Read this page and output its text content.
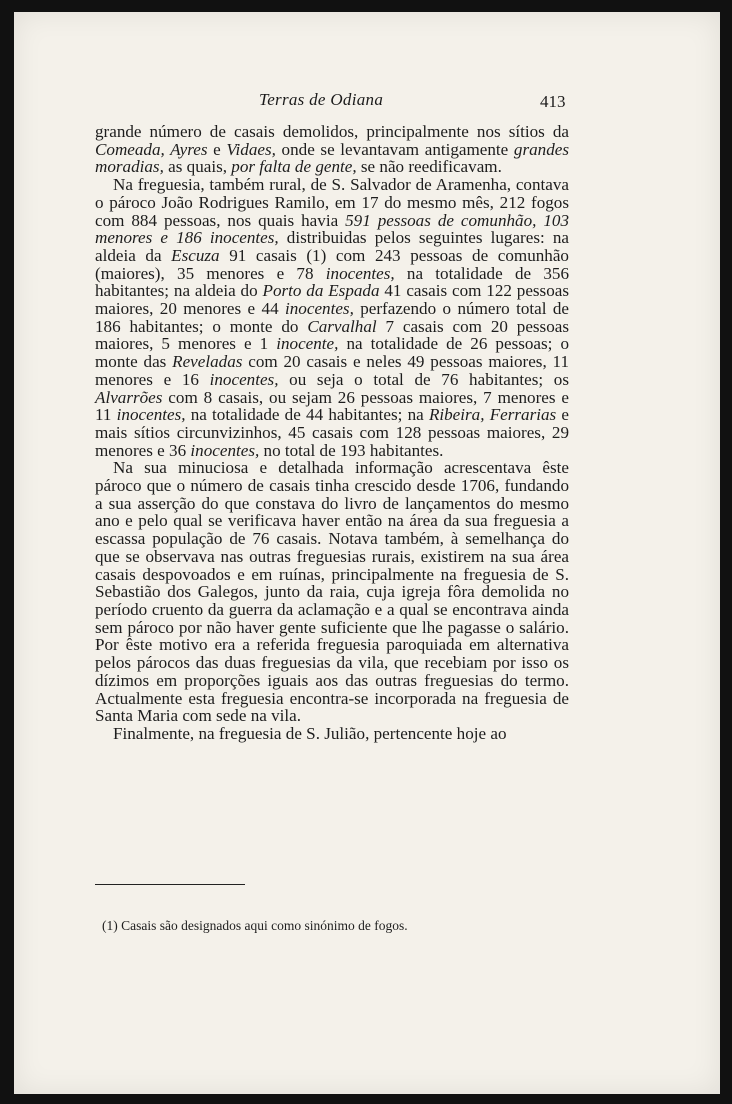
Terras de Odiana	413

grande número de casais demolidos, principalmente nos sítios da Comeada, Ayres e Vidaes, onde se levantavam antigamente grandes moradias, as quais, por falta de gente, se não reedificavam.

Na freguesia, também rural, de S. Salvador de Aramenha, contava o pároco João Rodrigues Ramilo, em 17 do mesmo mês, 212 fogos com 884 pessoas, nos quais havia 591 pessoas de comunhão, 103 menores e 186 inocentes, distribuidas pelos seguintes lugares: na aldeia da Escuza 91 casais (1) com 243 pessoas de comunhão (maiores), 35 menores e 78 inocentes, na totalidade de 356 habitantes; na aldeia do Porto da Espada 41 casais com 122 pessoas maiores, 20 menores e 44 inocentes, perfazendo o número total de 186 habitantes; o monte do Carvalhal 7 casais com 20 pessoas maiores, 5 menores e 1 inocente, na totalidade de 26 pessoas; o monte das Reveladas com 20 casais e neles 49 pessoas maiores, 11 menores e 16 inocentes, ou seja o total de 76 habitantes; os Alvarrões com 8 casais, ou sejam 26 pessoas maiores, 7 menores e 11 inocentes, na totalidade de 44 habitantes; na Ribeira, Ferrarias e mais sítios circunvizinhos, 45 casais com 128 pessoas maiores, 29 menores e 36 inocentes, no total de 193 habitantes.

Na sua minuciosa e detalhada informação acrescentava êste pároco que o número de casais tinha crescido desde 1706, fundando a sua asserção do que constava do livro de lançamentos do mesmo ano e pelo qual se verificava haver então na área da sua freguesia a escassa população de 76 casais. Notava também, à semelhança do que se observava nas outras freguesias rurais, existirem na sua área casais despovoados e em ruínas, principalmente na freguesia de S. Sebastião dos Galegos, junto da raia, cuja igreja fôra demolida no período cruento da guerra da aclamação e a qual se encontrava ainda sem pároco por não haver gente suficiente que lhe pagasse o salário. Por êste motivo era a referida freguesia paroquiada em alternativa pelos párocos das duas freguesias da vila, que recebiam por isso os dízimos em proporções iguais aos das outras freguesias do termo. Actualmente esta freguesia encontra-se incorporada na freguesia de Santa Maria com sede na vila.

Finalmente, na freguesia de S. Julião, pertencente hoje ao

(1) Casais são designados aqui como sinónimo de fogos.
